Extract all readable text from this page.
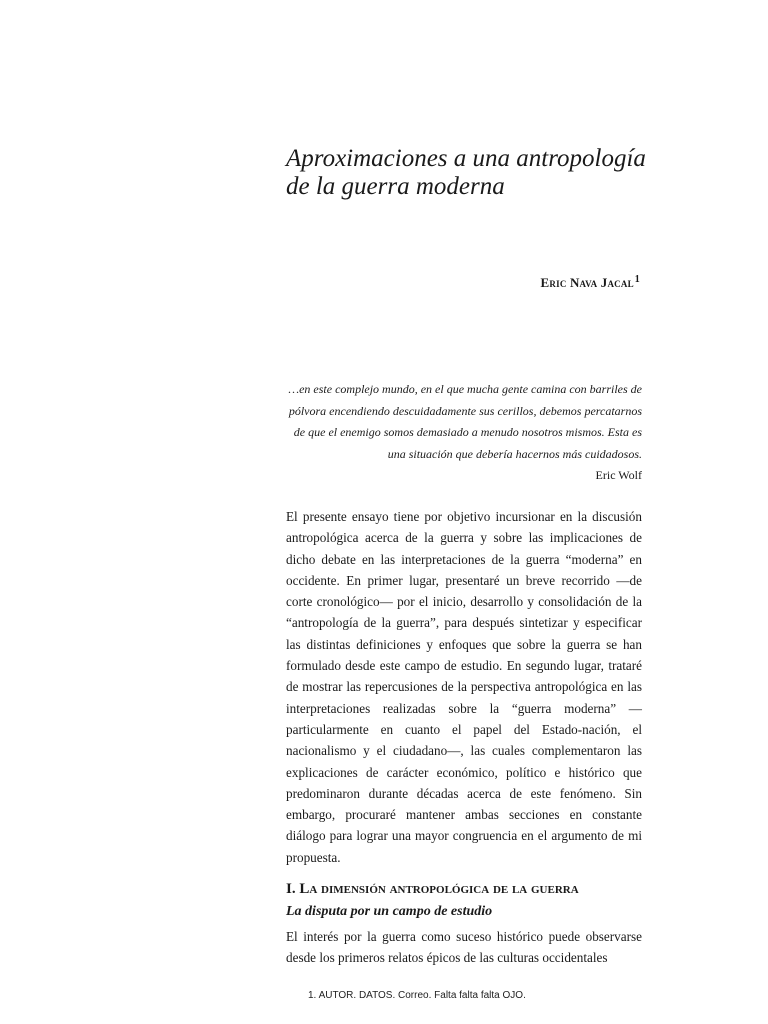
Aproximaciones a una antropología de la guerra moderna
Eric Nava Jacal$^1$
…en este complejo mundo, en el que mucha gente camina con barriles de pólvora encendiendo descuidadamente sus cerillos, debemos percatarnos de que el enemigo somos demasiado a menudo nosotros mismos. Esta es una situación que debería hacernos más cuidadosos.
Eric Wolf

El presente ensayo tiene por objetivo incursionar en la discusión antropológica acerca de la guerra y sobre las implicaciones de dicho debate en las interpretaciones de la guerra “moderna” en occidente. En primer lugar, presentaré un breve recorrido —de corte cronológico— por el inicio, desarrollo y consolidación de la “antropología de la guerra”, para después sintetizar y especificar las distintas definiciones y enfoques que sobre la guerra se han formulado desde este campo de estudio. En segundo lugar, trataré de mostrar las repercusiones de la perspectiva antropológica en las interpretaciones realizadas sobre la “guerra moderna” —particularmente en cuanto el papel del Estado-nación, el nacionalismo y el ciudadano—, las cuales complementaron las explicaciones de carácter económico, político e histórico que predominaron durante décadas acerca de este fenómeno. Sin embargo, procuraré mantener ambas secciones en constante diálogo para lograr una mayor congruencia en el argumento de mi propuesta.

I. La dimensión antropológica de la guerra
La disputa por un campo de estudio

El interés por la guerra como suceso histórico puede observarse desde los primeros relatos épicos de las culturas occidentales

1. AUTOR. DATOS. Correo. Falta falta falta OJO.
